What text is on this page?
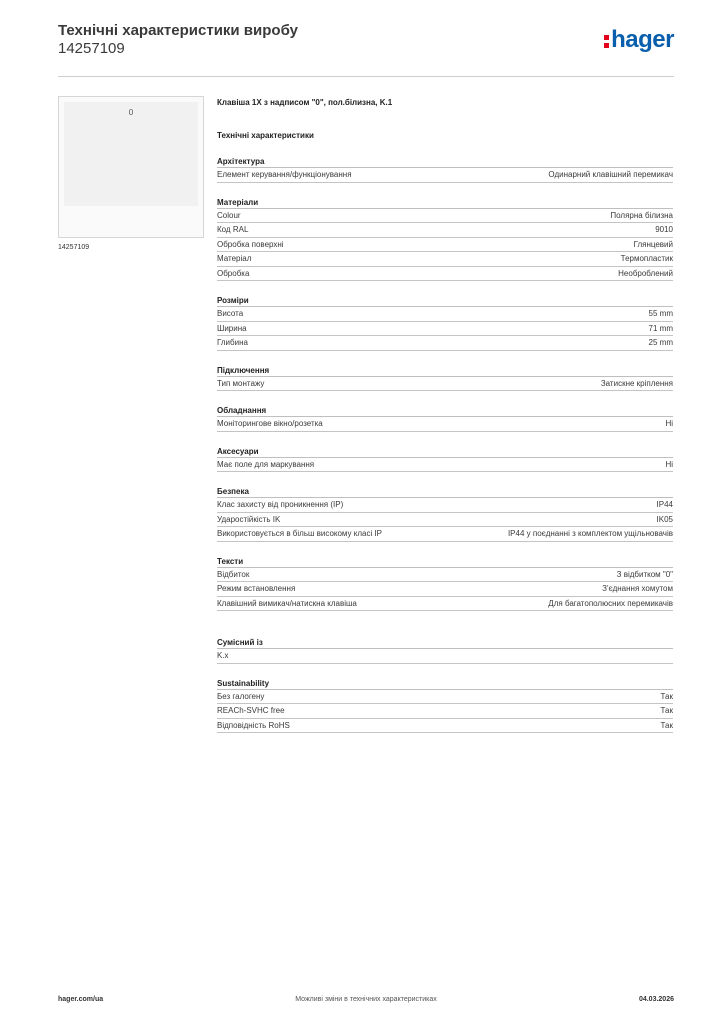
Технічні характеристики виробу
14257109	hager
0
14257109
Клавіша 1X з надписом "0", пол.білизна, K.1
Технічні характеристики
Архітектура
Елемент керування/функціонування	Одинарний клавішний перемикач
Матеріали
Colour	Полярна білизна
Код RAL	9010
Обробка поверхні	Глянцевий
Матеріал	Термопластик
Обробка	Необроблений
Розміри
Висота	55 mm
Ширина	71 mm
Глибина	25 mm
Підключення
Тип монтажу	Затискне кріплення
Обладнання
Моніторингове вікно/розетка	Ні
Аксесуари
Має поле для маркування	Ні
Безпека
Клас захисту від проникнення (IP)	IP44
Ударостійкість IK	IK05
Використовується в більш високому класі IP	IP44 у поєднанні з комплектом ущільновачів
Тексти
Відбиток	З відбитком "0"
Режим встановлення	З'єднання хомутом
Клавішний вимикач/натискна клавіша	Для багатополюсних перемикачів
Сумісний із
K.x
Sustainability
Без галогену	Так
REACh-SVHC free	Так
Відповідність RoHS	Так
hager.com/ua	Можливі зміни в технічних характеристиках	04.03.2026
